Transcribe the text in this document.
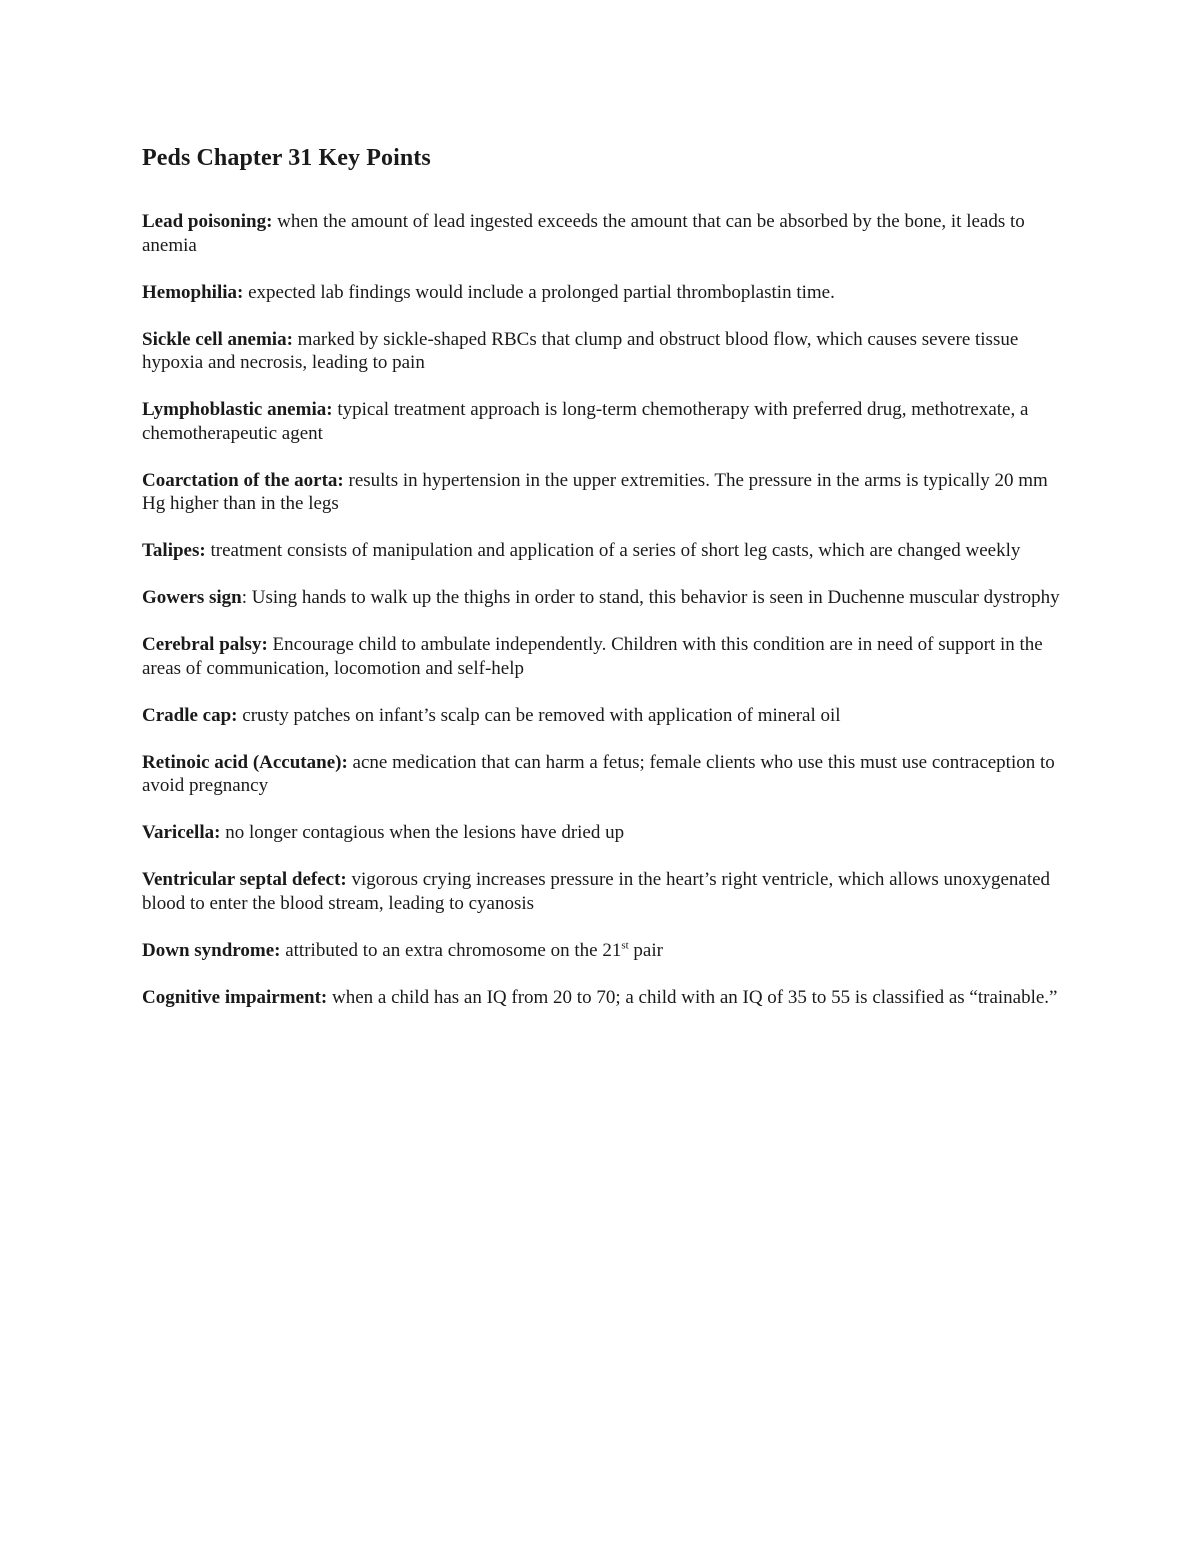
Peds Chapter 31 Key Points
Lead poisoning: when the amount of lead ingested exceeds the amount that can be absorbed by the bone, it leads to anemia
Hemophilia: expected lab findings would include a prolonged partial thromboplastin time.
Sickle cell anemia: marked by sickle-shaped RBCs that clump and obstruct blood flow, which causes severe tissue hypoxia and necrosis, leading to pain
Lymphoblastic anemia: typical treatment approach is long-term chemotherapy with preferred drug, methotrexate, a chemotherapeutic agent
Coarctation of the aorta: results in hypertension in the upper extremities. The pressure in the arms is typically 20 mm Hg higher than in the legs
Talipes: treatment consists of manipulation and application of a series of short leg casts, which are changed weekly
Gowers sign: Using hands to walk up the thighs in order to stand, this behavior is seen in Duchenne muscular dystrophy
Cerebral palsy: Encourage child to ambulate independently. Children with this condition are in need of support in the areas of communication, locomotion and self-help
Cradle cap: crusty patches on infant’s scalp can be removed with application of mineral oil
Retinoic acid (Accutane): acne medication that can harm a fetus; female clients who use this must use contraception to avoid pregnancy
Varicella: no longer contagious when the lesions have dried up
Ventricular septal defect: vigorous crying increases pressure in the heart’s right ventricle, which allows unoxygenated blood to enter the blood stream, leading to cyanosis
Down syndrome: attributed to an extra chromosome on the 21st pair
Cognitive impairment: when a child has an IQ from 20 to 70; a child with an IQ of 35 to 55 is classified as “trainable.”
